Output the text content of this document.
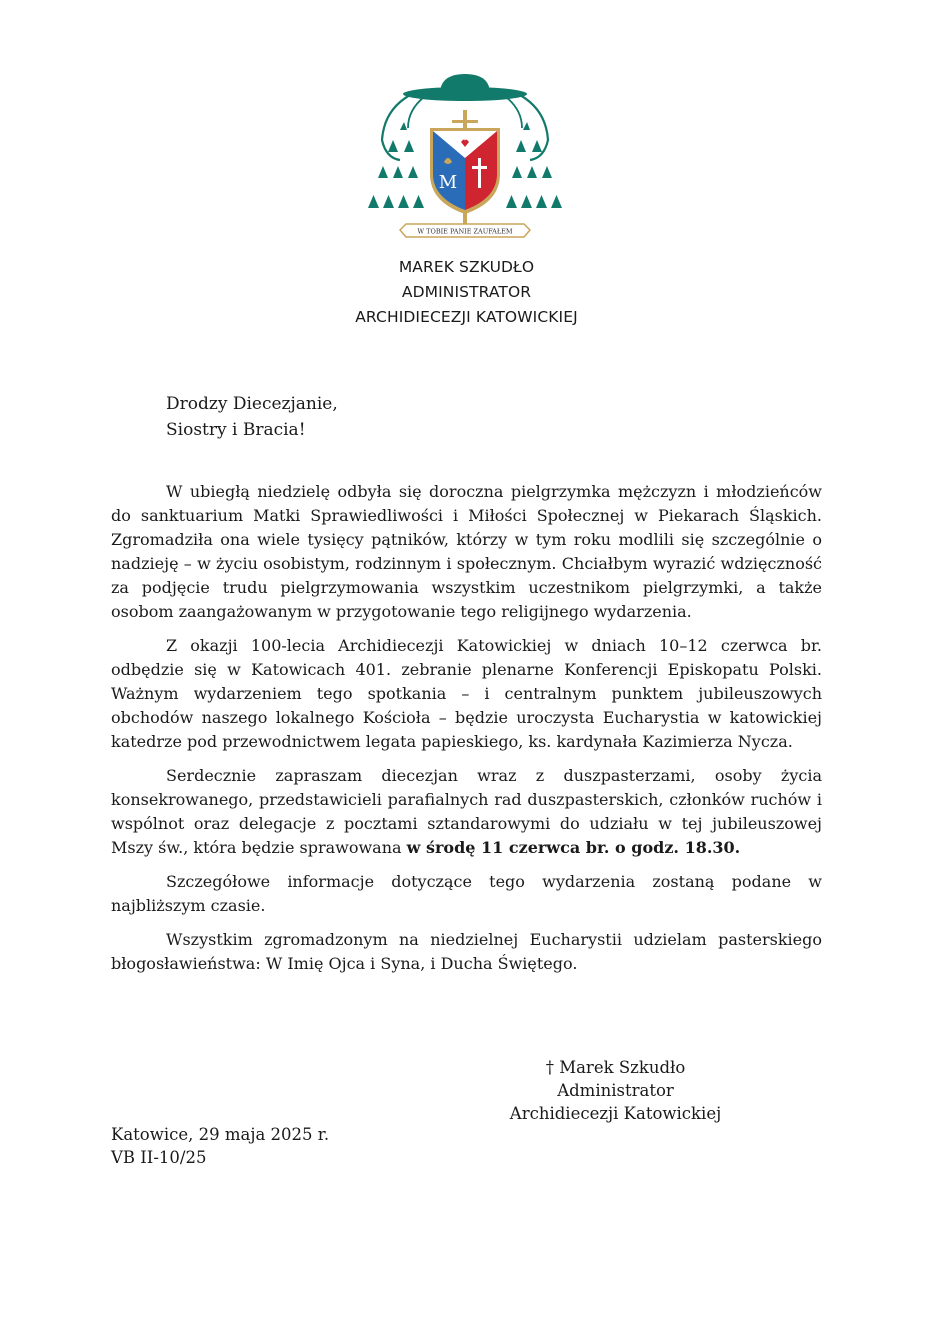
M
W TOBIE PANIE ZAUFAŁEM
MAREK SZKUDŁO
ADMINISTRATOR
ARCHIDIECEZJI KATOWICKIEJ
Drodzy Diecezjanie,
Siostry i Bracia!

W ubiegłą niedzielę odbyła się doroczna pielgrzymka mężczyzn i młodzieńców do sanktuarium Matki Sprawiedliwości i Miłości Społecznej w Piekarach Śląskich. Zgromadziła ona wiele tysięcy pątników, którzy w tym roku modlili się szczególnie o nadzieję – w życiu osobistym, rodzinnym i społecznym. Chciałbym wyrazić wdzięczność za podjęcie trudu pielgrzymowania wszystkim uczestnikom pielgrzymki, a także osobom zaangażowanym w przygotowanie tego religijnego wydarzenia.

Z okazji 100-lecia Archidiecezji Katowickiej w dniach 10–12 czerwca br. odbędzie się w Katowicach 401. zebranie plenarne Konferencji Episkopatu Polski. Ważnym wydarzeniem tego spotkania – i centralnym punktem jubileuszowych obchodów naszego lokalnego Kościoła – będzie uroczysta Eucharystia w katowickiej katedrze pod przewodnictwem legata papieskiego, ks. kardynała Kazimierza Nycza.

Serdecznie zapraszam diecezjan wraz z duszpasterzami, osoby życia konsekrowanego, przedstawicieli parafialnych rad duszpasterskich, członków ruchów i wspólnot oraz delegacje z pocztami sztandarowymi do udziału w tej jubileuszowej Mszy św., która będzie sprawowana w środę 11 czerwca br. o godz. 18.30.

Szczegółowe informacje dotyczące tego wydarzenia zostaną podane w najbliższym czasie.

Wszystkim zgromadzonym na niedzielnej Eucharystii udzielam pasterskiego błogosławieństwa: W Imię Ojca i Syna, i Ducha Świętego.

† Marek Szkudło
Administrator
Archidiecezji Katowickiej
Katowice, 29 maja 2025 r.
VB II-10/25
